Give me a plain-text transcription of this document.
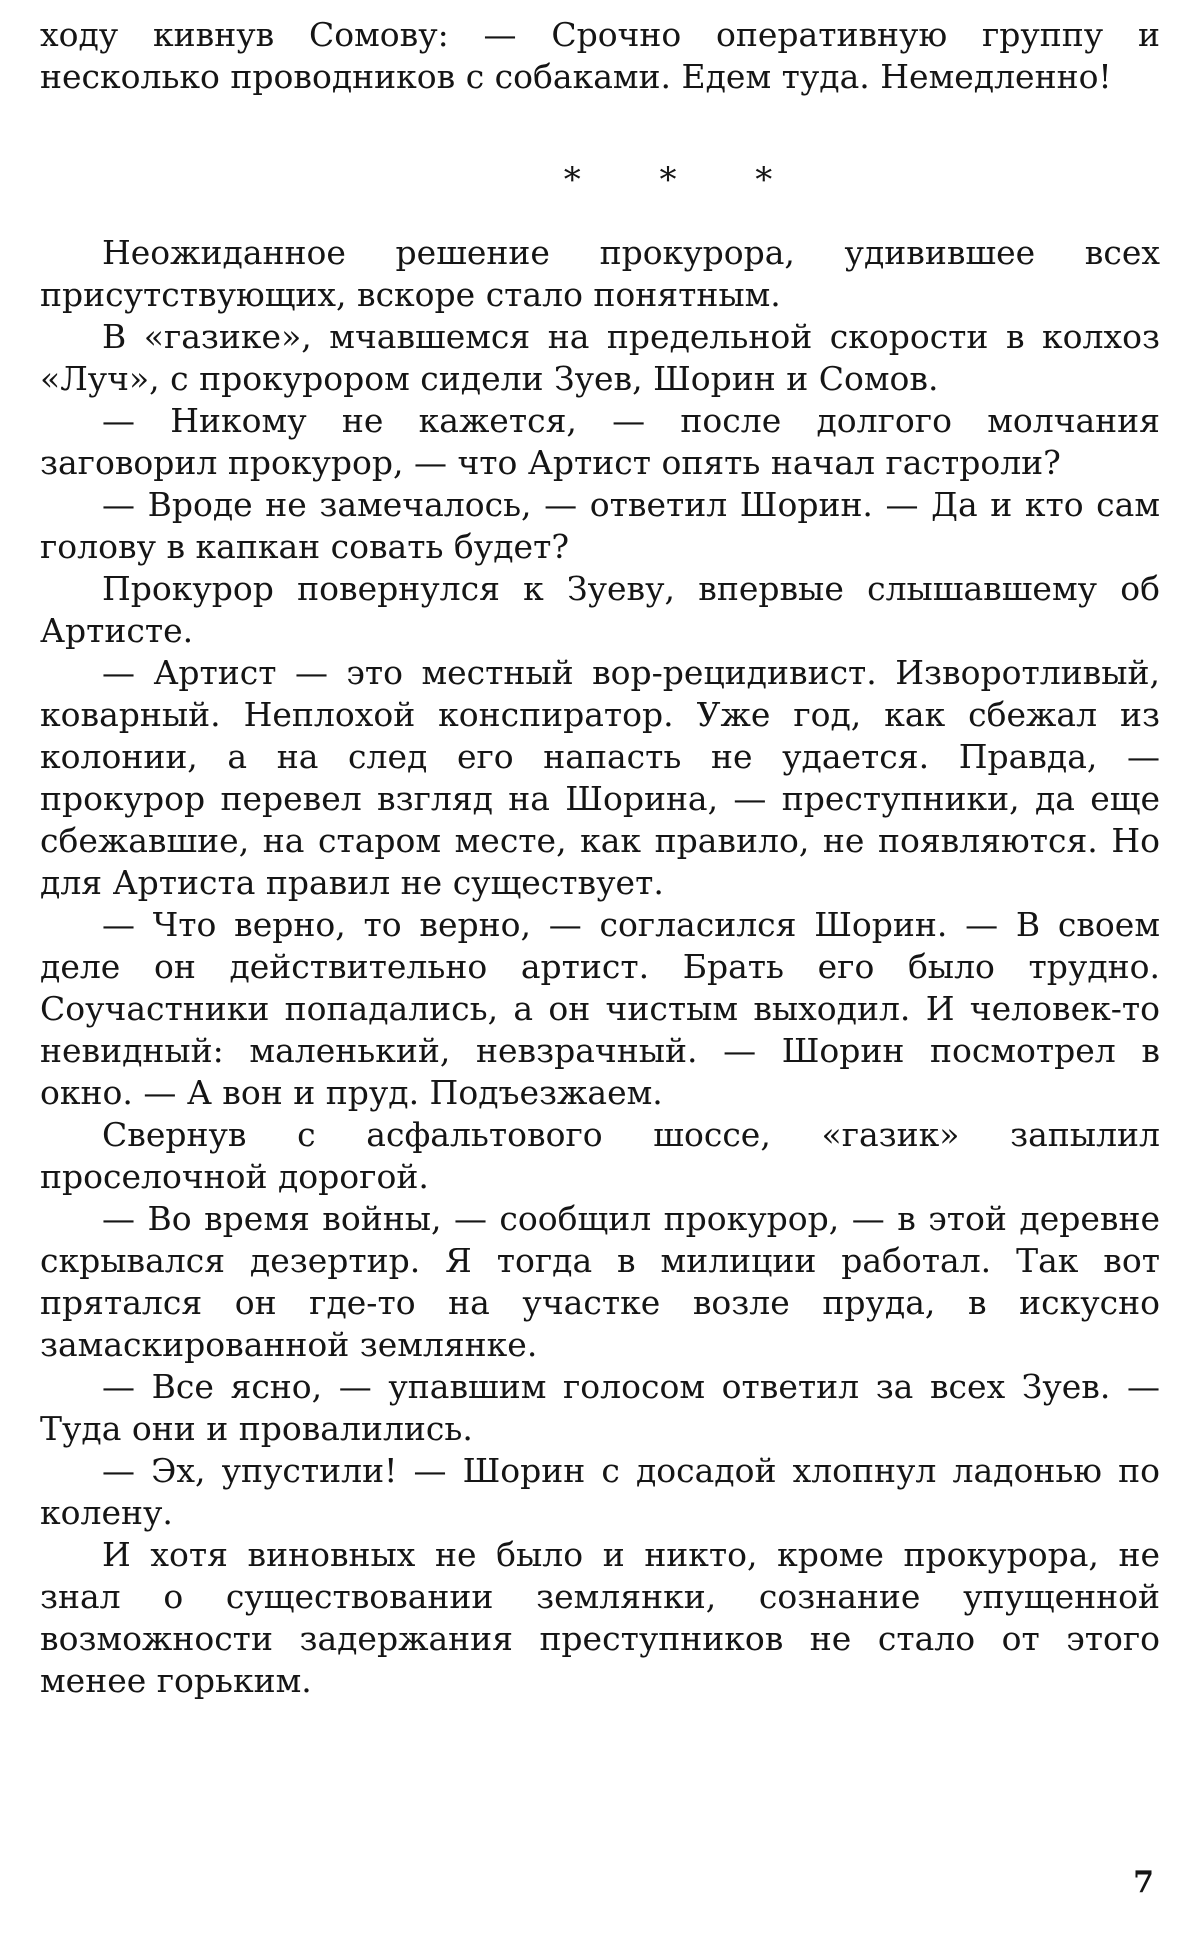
ходу кивнув Сомову: — Срочно оперативную группу и несколько проводников с собаками. Едем туда. Немедленно!

* * *

Неожиданное решение прокурора, удивившее всех присутствующих, вскоре стало понятным.

В «газике», мчавшемся на предельной скорости в колхоз «Луч», с прокурором сидели Зуев, Шорин и Сомов.

— Никому не кажется, — после долгого молчания заговорил прокурор, — что Артист опять начал гастроли?

— Вроде не замечалось, — ответил Шорин. — Да и кто сам голову в капкан совать будет?

Прокурор повернулся к Зуеву, впервые слышавшему об Артисте.

— Артист — это местный вор-рецидивист. Изворотливый, коварный. Неплохой конспиратор. Уже год, как сбежал из колонии, а на след его напасть не удается. Правда, — прокурор перевел взгляд на Шорина, — преступники, да еще сбежавшие, на старом месте, как правило, не появляются. Но для Артиста правил не существует.

— Что верно, то верно, — согласился Шорин. — В своем деле он действительно артист. Брать его было трудно. Соучастники попадались, а он чистым выходил. И человек-то невидный: маленький, невзрачный. — Шорин посмотрел в окно. — А вон и пруд. Подъезжаем.

Свернув с асфальтового шоссе, «газик» запылил проселочной дорогой.

— Во время войны, — сообщил прокурор, — в этой деревне скрывался дезертир. Я тогда в милиции работал. Так вот прятался он где-то на участке возле пруда, в искусно замаскированной землянке.

— Все ясно, — упавшим голосом ответил за всех Зуев. — Туда они и провалились.

— Эх, упустили! — Шорин с досадой хлопнул ладонью по колену.

И хотя виновных не было и никто, кроме прокурора, не знал о существовании землянки, сознание упущенной возможности задержания преступников не стало от этого менее горьким.

7
